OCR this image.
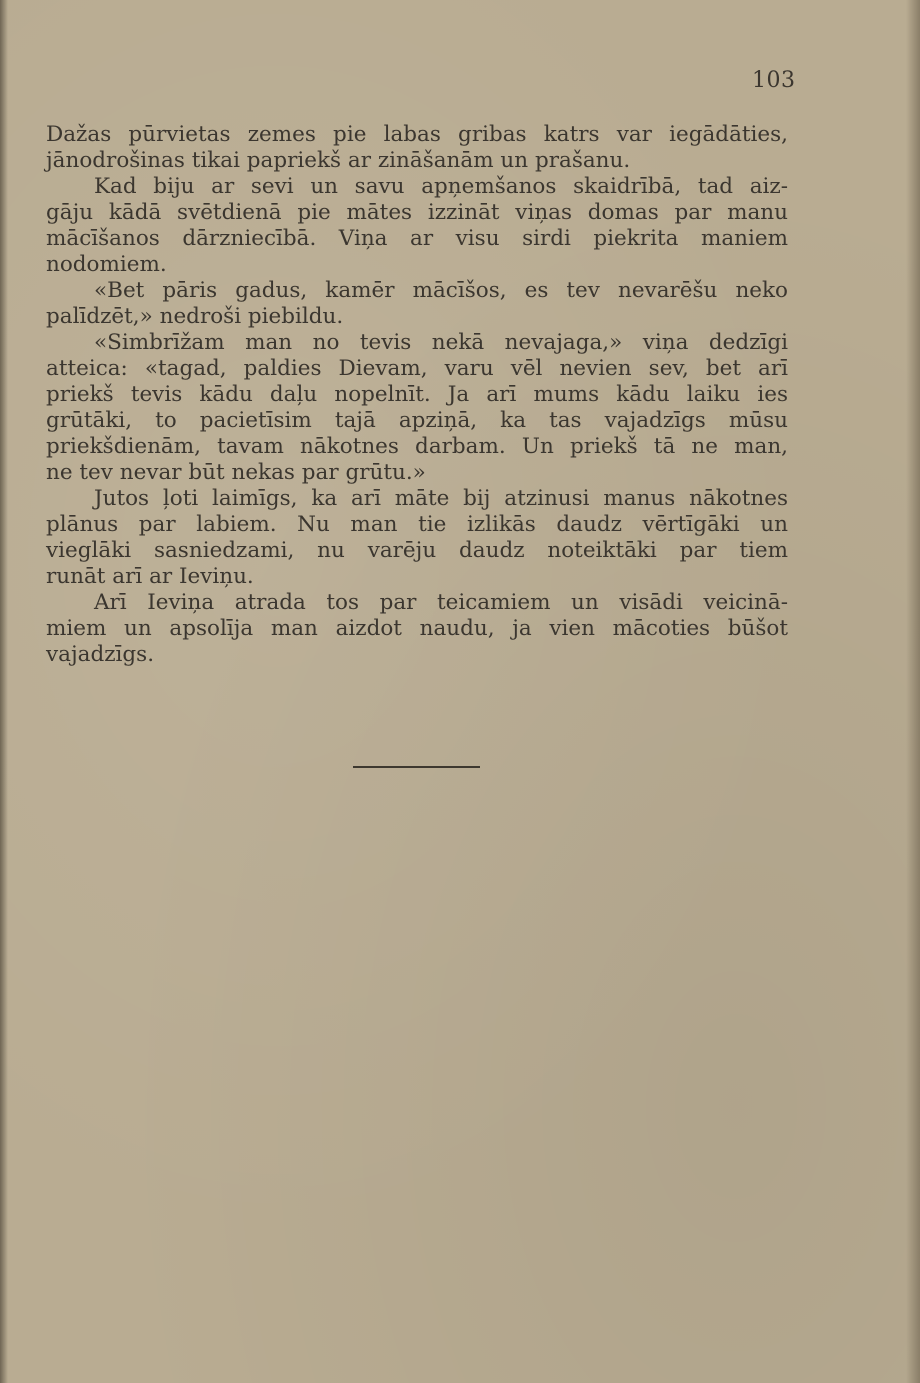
103
Dažas pūrvietas zemes pie labas gribas katrs var iegādāties,
jānodrošinas tikai papriekš ar zināšanām un prašanu.
Kad biju ar sevi un savu apņemšanos skaidrībā, tad aiz-
gāju kādā svētdienā pie mātes izzināt viņas domas par manu
mācīšanos dārzniecībā. Viņa ar visu sirdi piekrita maniem
nodomiem.
«Bet pāris gadus, kamēr mācīšos, es tev nevarēšu neko
palīdzēt,» nedroši piebildu.
«Simbrīžam man no tevis nekā nevajaga,» viņa dedzīgi
atteica: «tagad, paldies Dievam, varu vēl nevien sev, bet arī
priekš tevis kādu daļu nopelnīt. Ja arī mums kādu laiku ies
grūtāki, to pacietīsim tajā apziņā, ka tas vajadzīgs mūsu
priekšdienām, tavam nākotnes darbam. Un priekš tā ne man,
ne tev nevar būt nekas par grūtu.»
Jutos ļoti laimīgs, ka arī māte bij atzinusi manus nākotnes
plānus par labiem. Nu man tie izlikās daudz vērtīgāki un
vieglāki sasniedzami, nu varēju daudz noteiktāki par tiem
runāt arī ar Ieviņu.
Arī Ieviņa atrada tos par teicamiem un visādi veicinā-
miem un apsolīja man aizdot naudu, ja vien mācoties būšot
vajadzīgs.
